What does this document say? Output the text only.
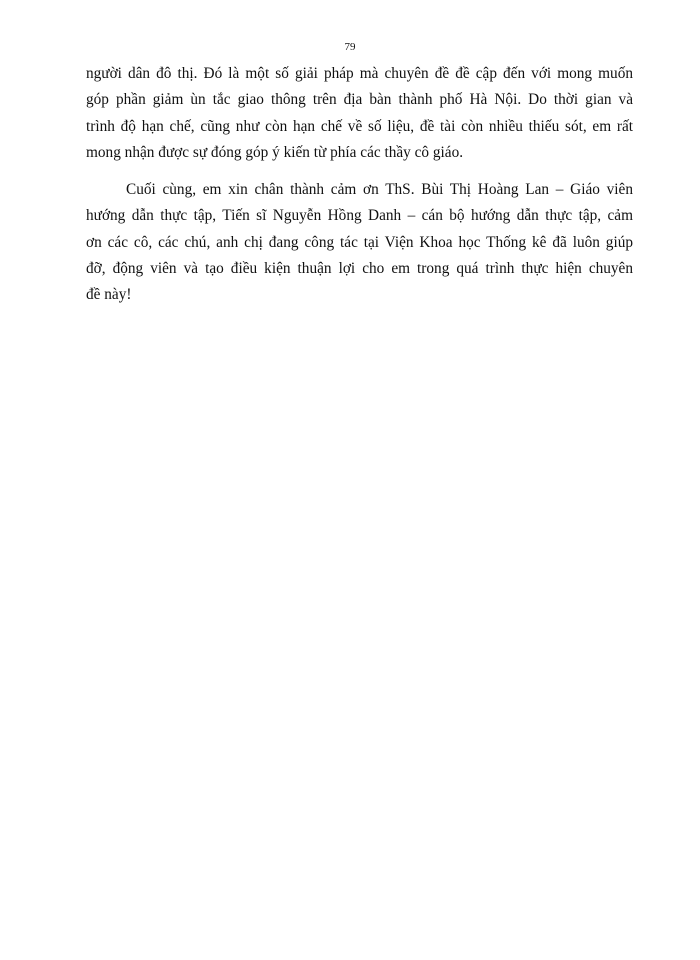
79

người dân đô thị. Đó là một số giải pháp mà chuyên đề đề cập đến với mong muốn
góp phần giảm ùn tắc giao thông trên địa bàn thành phố Hà Nội. Do thời gian và
trình độ hạn chế, cũng như còn hạn chế về số liệu, đề tài còn nhiều thiếu sót, em rất
mong nhận được sự đóng góp ý kiến từ phía các thầy cô giáo.

Cuối cùng, em xin chân thành cảm ơn ThS. Bùi Thị Hoàng Lan – Giáo viên
hướng dẫn thực tập, Tiến sĩ Nguyễn Hồng Danh – cán bộ hướng dẫn thực tập, cảm
ơn các cô, các chú, anh chị đang công tác tại Viện Khoa học Thống kê đã luôn giúp
đỡ, động viên và tạo điều kiện thuận lợi cho em trong quá trình thực hiện chuyên
đề này!
